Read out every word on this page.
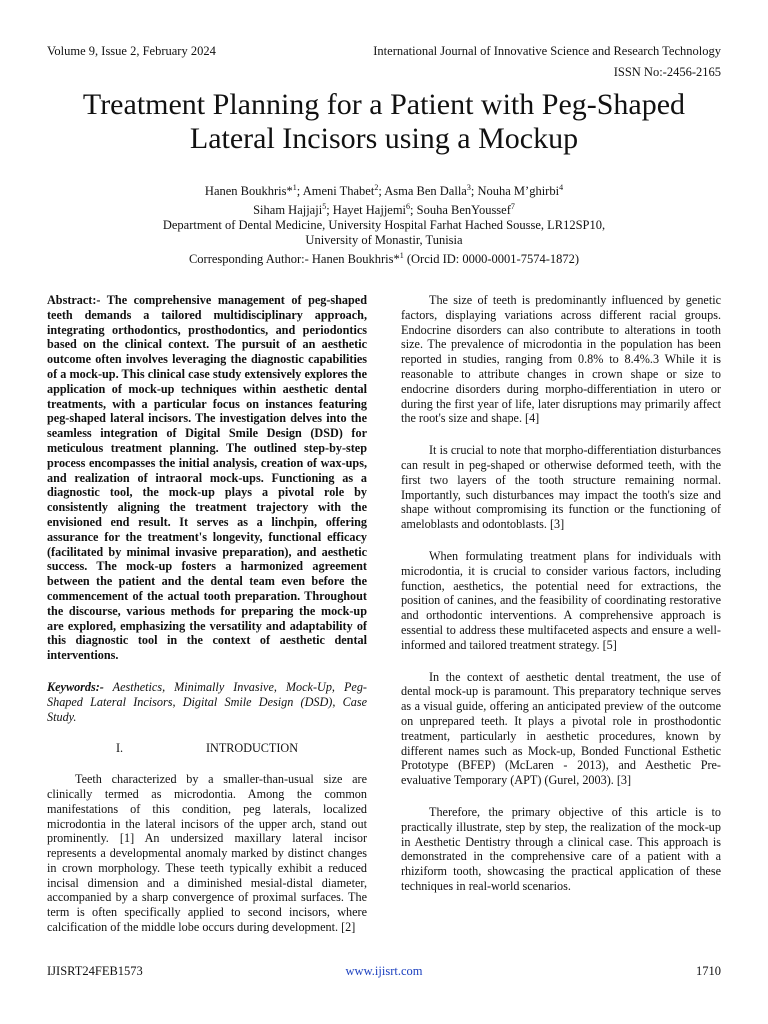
Volume 9, Issue 2, February 2024	International Journal of Innovative Science and Research Technology
ISSN No:-2456-2165
Treatment Planning for a Patient with Peg-Shaped Lateral Incisors using a Mockup
Hanen Boukhris*$^1$; Ameni Thabet$^2$; Asma Ben Dalla$^3$; Nouha M’ghirbi$^4$
Siham Hajjaji$^5$; Hayet Hajjemi$^6$; Souha BenYoussef$^7$
Department of Dental Medicine, University Hospital Farhat Hached Sousse, LR12SP10,
University of Monastir, Tunisia
Corresponding Author:- Hanen Boukhris*$^1$ (Orcid ID: 0000-0001-7574-1872)

Abstract:- The comprehensive management of peg-shaped teeth demands a tailored multidisciplinary approach, integrating orthodontics, prosthodontics, and periodontics based on the clinical context. The pursuit of an aesthetic outcome often involves leveraging the diagnostic capabilities of a mock-up. This clinical case study extensively explores the application of mock-up techniques within aesthetic dental treatments, with a particular focus on instances featuring peg-shaped lateral incisors. The investigation delves into the seamless integration of Digital Smile Design (DSD) for meticulous treatment planning. The outlined step-by-step process encompasses the initial analysis, creation of wax-ups, and realization of intraoral mock-ups. Functioning as a diagnostic tool, the mock-up plays a pivotal role by consistently aligning the treatment trajectory with the envisioned end result. It serves as a linchpin, offering assurance for the treatment's longevity, functional efficacy (facilitated by minimal invasive preparation), and aesthetic success. The mock-up fosters a harmonized agreement between the patient and the dental team even before the commencement of the actual tooth preparation. Throughout the discourse, various methods for preparing the mock-up are explored, emphasizing the versatility and adaptability of this diagnostic tool in the context of aesthetic dental interventions.

Keywords:- Aesthetics, Minimally Invasive, Mock-Up, Peg-Shaped Lateral Incisors, Digital Smile Design (DSD), Case Study.

I.	INTRODUCTION

Teeth characterized by a smaller-than-usual size are clinically termed as microdontia. Among the common manifestations of this condition, peg laterals, localized microdontia in the lateral incisors of the upper arch, stand out prominently. [1] An undersized maxillary lateral incisor represents a developmental anomaly marked by distinct changes in crown morphology. These teeth typically exhibit a reduced incisal dimension and a diminished mesial-distal diameter, accompanied by a sharp convergence of proximal surfaces. The term is often specifically applied to second incisors, where calcification of the middle lobe occurs during development. [2]

The size of teeth is predominantly influenced by genetic factors, displaying variations across different racial groups. Endocrine disorders can also contribute to alterations in tooth size. The prevalence of microdontia in the population has been reported in studies, ranging from 0.8% to 8.4%.3 While it is reasonable to attribute changes in crown shape or size to endocrine disorders during morpho-differentiation in utero or during the first year of life, later disruptions may primarily affect the root's size and shape. [4]

It is crucial to note that morpho-differentiation disturbances can result in peg-shaped or otherwise deformed teeth, with the first two layers of the tooth structure remaining normal. Importantly, such disturbances may impact the tooth's size and shape without compromising its function or the functioning of ameloblasts and odontoblasts. [3]

When formulating treatment plans for individuals with microdontia, it is crucial to consider various factors, including function, aesthetics, the potential need for extractions, the position of canines, and the feasibility of coordinating restorative and orthodontic interventions. A comprehensive approach is essential to address these multifaceted aspects and ensure a well-informed and tailored treatment strategy. [5]

In the context of aesthetic dental treatment, the use of dental mock-up is paramount. This preparatory technique serves as a visual guide, offering an anticipated preview of the outcome on unprepared teeth. It plays a pivotal role in prosthodontic treatment, particularly in aesthetic procedures, known by different names such as Mock-up, Bonded Functional Esthetic Prototype (BFEP) (McLaren - 2013), and Aesthetic Pre-evaluative Temporary (APT) (Gurel, 2003). [3]

Therefore, the primary objective of this article is to practically illustrate, step by step, the realization of the mock-up in Aesthetic Dentistry through a clinical case. This approach is demonstrated in the comprehensive care of a patient with a rhiziform tooth, showcasing the practical application of these techniques in real-world scenarios.

IJISRT24FEB1573	www.ijisrt.com	1710
